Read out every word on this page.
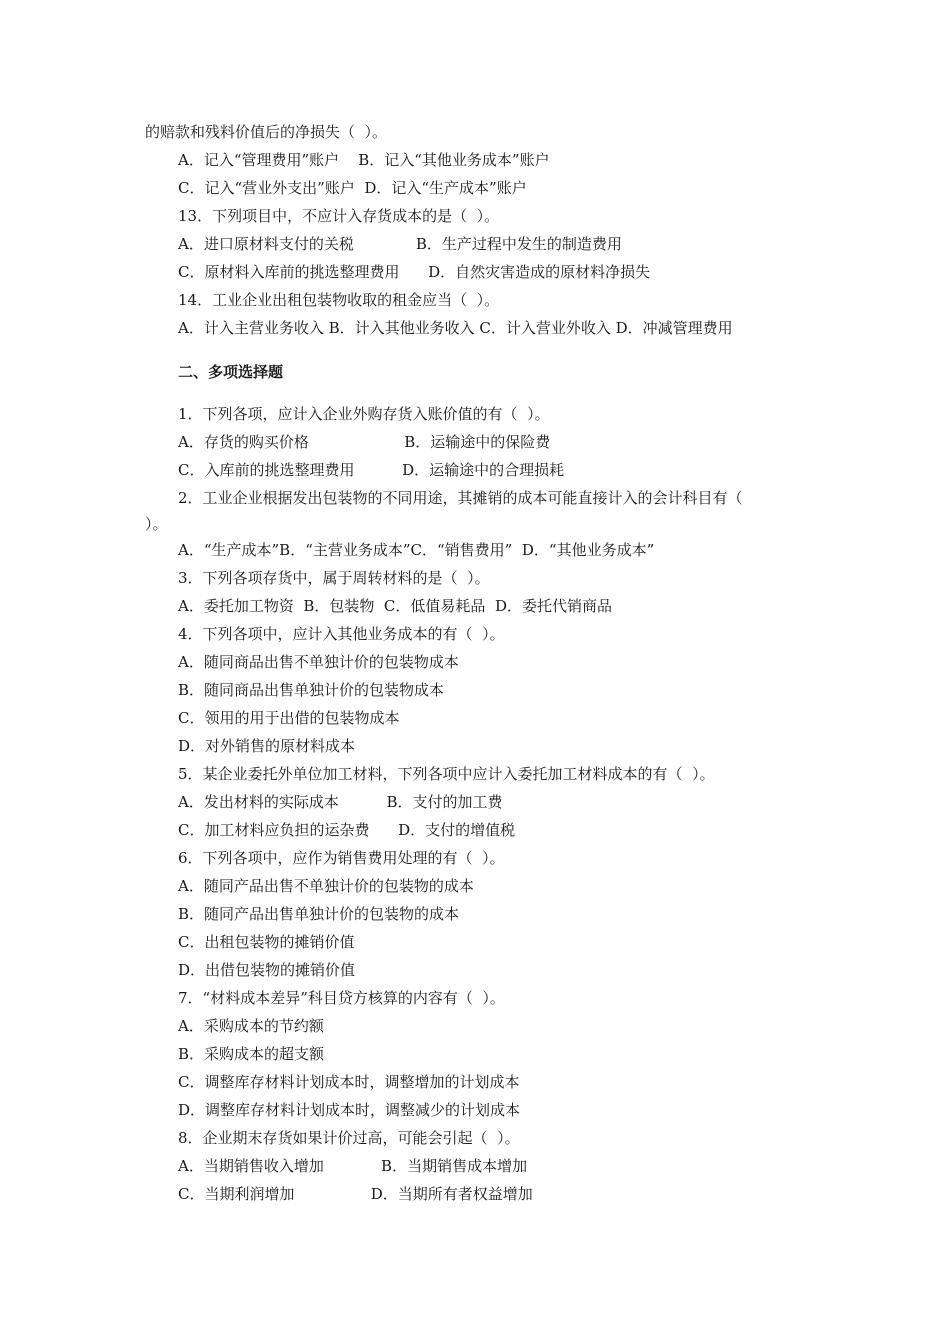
的赔款和残料价值后的净损失（  ）。
A．记入“管理费用”账户    B．记入“其他业务成本”账户
C．记入“营业外支出”账户  D．记入“生产成本”账户
13．下列项目中，不应计入存货成本的是（  ）。
A．进口原材料支付的关税             B．生产过程中发生的制造费用
C．原材料入库前的挑选整理费用      D．自然灾害造成的原材料净损失
14．工业企业出租包装物收取的租金应当（  ）。
A．计入主营业务收入 B．计入其他业务收入 C．计入营业外收入 D．冲减管理费用
二、多项选择题
1．下列各项，应计入企业外购存货入账价值的有（  ）。
A．存货的购买价格                    B．运输途中的保险费
C．入库前的挑选整理费用          D．运输途中的合理损耗
2．工业企业根据发出包装物的不同用途，其摊销的成本可能直接计入的会计科目有（
）。
A．“生产成本”B．“主营业务成本”C．“销售费用”  D．“其他业务成本”
3．下列各项存货中，属于周转材料的是（  ）。
A．委托加工物资  B．包装物  C．低值易耗品  D．委托代销商品
4．下列各项中，应计入其他业务成本的有（  ）。
A．随同商品出售不单独计价的包装物成本
B．随同商品出售单独计价的包装物成本
C．领用的用于出借的包装物成本
D．对外销售的原材料成本
5．某企业委托外单位加工材料，下列各项中应计入委托加工材料成本的有（  ）。
A．发出材料的实际成本          B．支付的加工费
C．加工材料应负担的运杂费      D．支付的增值税
6．下列各项中，应作为销售费用处理的有（  ）。
A．随同产品出售不单独计价的包装物的成本
B．随同产品出售单独计价的包装物的成本
C．出租包装物的摊销价值
D．出借包装物的摊销价值
7．“材料成本差异”科目贷方核算的内容有（  ）。
A．采购成本的节约额
B．采购成本的超支额
C．调整库存材料计划成本时，调整增加的计划成本
D．调整库存材料计划成本时，调整减少的计划成本
8．企业期末存货如果计价过高，可能会引起（  ）。
A．当期销售收入增加            B．当期销售成本增加
C．当期利润增加                D．当期所有者权益增加
